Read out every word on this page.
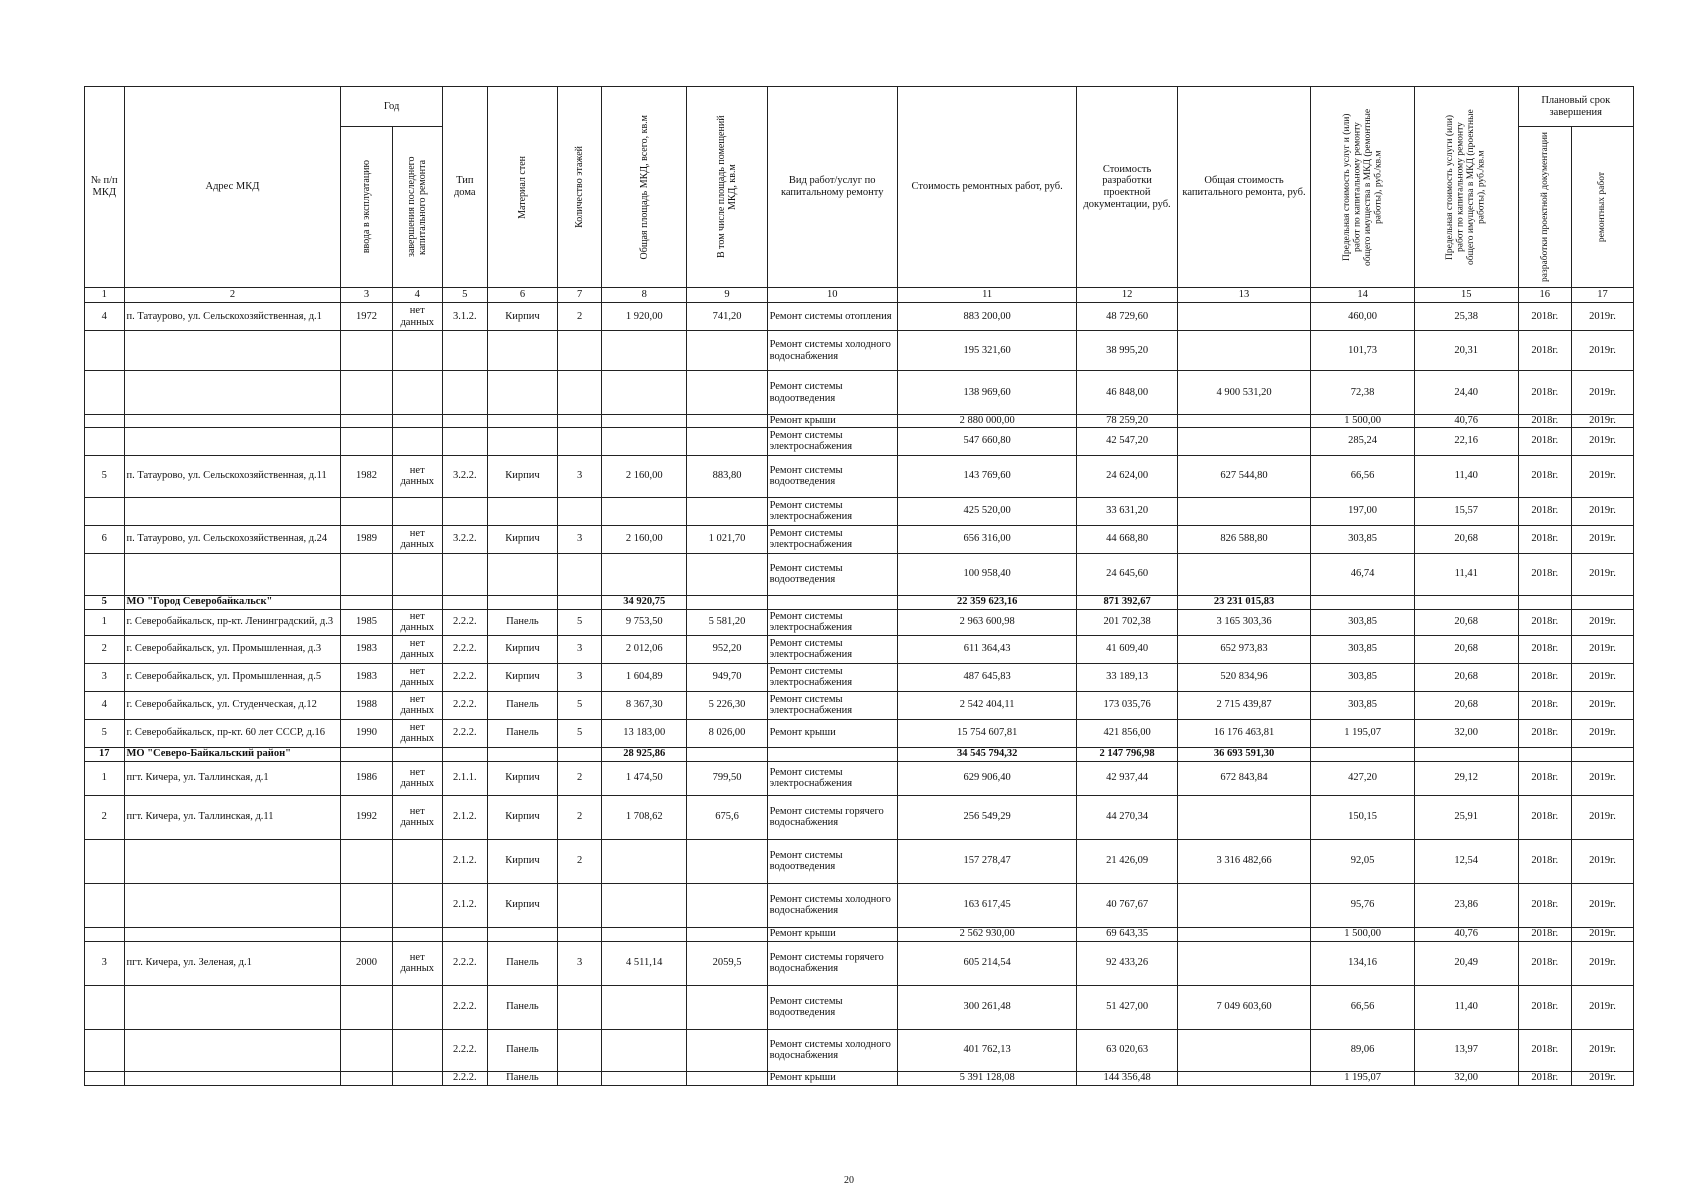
№ п/п МКД	Адрес МКД	Год		Тип дома	Материал стен	Количество этажей	Общая площадь МКД, всего, кв.м	В том числе площадь помещений МКД, кв.м	Вид работ/услуг по капитальному ремонту	Стоимость ремонтных работ, руб.	Стоимость разработки проектной документации, руб.	Общая стоимость капитального ремонта, руб.	Предельная стоимость услуг и (или) работ по капитальному ремонту общего имущества в МКД (ремонтные работы), руб./кв.м	Предельная стоимость услуги (или) работ по капитальному ремонту общего имущества в МКД (проектные работы), руб./кв.м	Плановый срок завершения	

		ввода в эксплуатацию	завершения последнего капитального ремонта												разработки проектной документации	ремонтных работ

1	2	3	4	5	6	7	8	9	10	11	12	13	14	15	16	17
4	п. Татаурово, ул. Сельскохозяйственная, д.1	1972	нет данных	3.1.2.	Кирпич	2	1 920,00	741,20	Ремонт системы отопления	883 200,00	48 729,60		460,00	25,38	2018г.	2019г.
									Ремонт системы холодного водоснабжения	195 321,60	38 995,20		101,73	20,31	2018г.	2019г.
									Ремонт системы водоотведения	138 969,60	46 848,00	4 900 531,20	72,38	24,40	2018г.	2019г.
									Ремонт крыши	2 880 000,00	78 259,20		1 500,00	40,76	2018г.	2019г.
									Ремонт системы электроснабжения	547 660,80	42 547,20		285,24	22,16	2018г.	2019г.
5	п. Татаурово, ул. Сельскохозяйственная, д.11	1982	нет данных	3.2.2.	Кирпич	3	2 160,00	883,80	Ремонт системы водоотведения	143 769,60	24 624,00	627 544,80	66,56	11,40	2018г.	2019г.
									Ремонт системы электроснабжения	425 520,00	33 631,20		197,00	15,57	2018г.	2019г.
6	п. Татаурово, ул. Сельскохозяйственная, д.24	1989	нет данных	3.2.2.	Кирпич	3	2 160,00	1 021,70	Ремонт системы электроснабжения	656 316,00	44 668,80	826 588,80	303,85	20,68	2018г.	2019г.
									Ремонт системы водоотведения	100 958,40	24 645,60		46,74	11,41	2018г.	2019г.
5	МО "Город Северобайкальск"						34 920,75			22 359 623,16	871 392,67	23 231 015,83				
1	г. Северобайкальск, пр-кт. Ленинградский, д.3	1985	нет данных	2.2.2.	Панель	5	9 753,50	5 581,20	Ремонт системы электроснабжения	2 963 600,98	201 702,38	3 165 303,36	303,85	20,68	2018г.	2019г.
2	г. Северобайкальск, ул. Промышленная, д.3	1983	нет данных	2.2.2.	Кирпич	3	2 012,06	952,20	Ремонт системы электроснабжения	611 364,43	41 609,40	652 973,83	303,85	20,68	2018г.	2019г.
3	г. Северобайкальск, ул. Промышленная, д.5	1983	нет данных	2.2.2.	Кирпич	3	1 604,89	949,70	Ремонт системы электроснабжения	487 645,83	33 189,13	520 834,96	303,85	20,68	2018г.	2019г.
4	г. Северобайкальск, ул. Студенческая, д.12	1988	нет данных	2.2.2.	Панель	5	8 367,30	5 226,30	Ремонт системы электроснабжения	2 542 404,11	173 035,76	2 715 439,87	303,85	20,68	2018г.	2019г.
5	г. Северобайкальск, пр-кт. 60 лет СССР, д.16	1990	нет данных	2.2.2.	Панель	5	13 183,00	8 026,00	Ремонт крыши	15 754 607,81	421 856,00	16 176 463,81	1 195,07	32,00	2018г.	2019г.
17	МО "Северо-Байкальский район"						28 925,86			34 545 794,32	2 147 796,98	36 693 591,30				
1	пгт. Кичера, ул. Таллинская, д.1	1986	нет данных	2.1.1.	Кирпич	2	1 474,50	799,50	Ремонт системы электроснабжения	629 906,40	42 937,44	672 843,84	427,20	29,12	2018г.	2019г.
2	пгт. Кичера, ул. Таллинская, д.11	1992	нет данных	2.1.2.	Кирпич	2	1 708,62	675,6	Ремонт системы горячего водоснабжения	256 549,29	44 270,34		150,15	25,91	2018г.	2019г.
				2.1.2.	Кирпич	2			Ремонт системы водоотведения	157 278,47	21 426,09	3 316 482,66	92,05	12,54	2018г.	2019г.
				2.1.2.	Кирпич				Ремонт системы холодного водоснабжения	163 617,45	40 767,67		95,76	23,86	2018г.	2019г.
									Ремонт крыши	2 562 930,00	69 643,35		1 500,00	40,76	2018г.	2019г.
3	пгт. Кичера, ул. Зеленая, д.1	2000	нет данных	2.2.2.	Панель	3	4 511,14	2059,5	Ремонт системы горячего водоснабжения	605 214,54	92 433,26		134,16	20,49	2018г.	2019г.
				2.2.2.	Панель				Ремонт системы водоотведения	300 261,48	51 427,00	7 049 603,60	66,56	11,40	2018г.	2019г.
				2.2.2.	Панель				Ремонт системы холодного водоснабжения	401 762,13	63 020,63		89,06	13,97	2018г.	2019г.
				2.2.2.	Панель				Ремонт крыши	5 391 128,08	144 356,48		1 195,07	32,00	2018г.	2019г.
20
